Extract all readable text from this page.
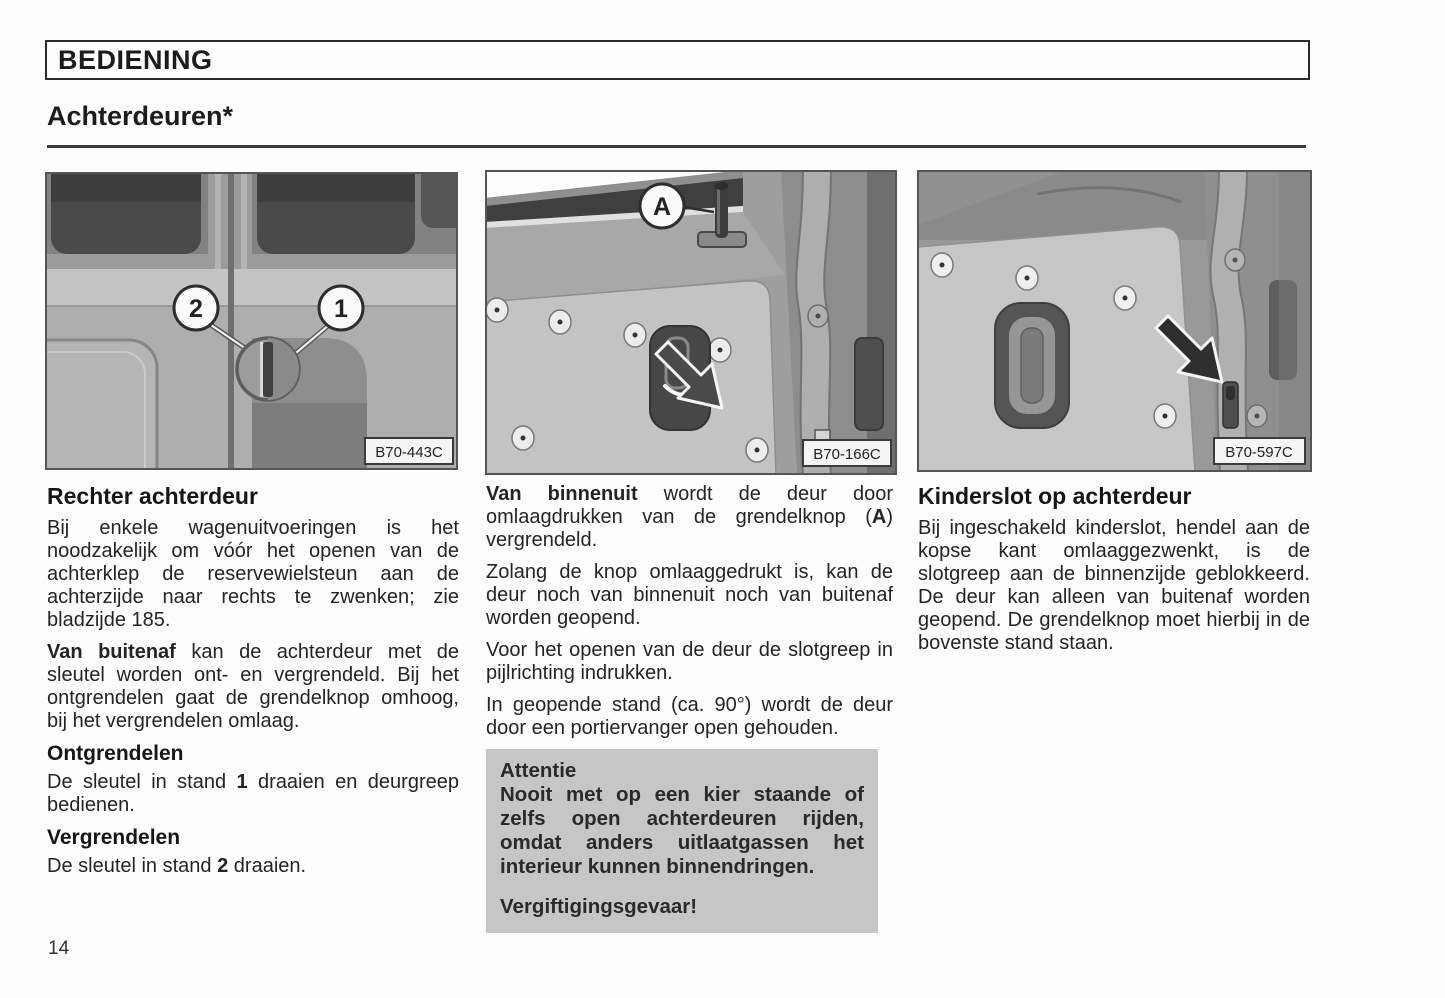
BEDIENING
Achterdeuren*
2	1
B70-443C
A
B70-166C	B70-597C
Rechter achterdeur

Bij enkele wagenuitvoeringen is het noodzakelijk om vóór het openen van de achterklep de reservewielsteun aan de achterzijde naar rechts te zwenken; zie bladzijde 185.

Van buitenaf kan de achterdeur met de sleutel worden ont- en vergrendeld. Bij het ontgrendelen gaat de grendelknop omhoog, bij het vergrendelen omlaag.

Ontgrendelen

De sleutel in stand 1 draaien en deurgreep bedienen.

Vergrendelen

De sleutel in stand 2 draaien.

Van binnenuit wordt de deur door omlaagdrukken van de grendelknop (A) vergrendeld.

Zolang de knop omlaaggedrukt is, kan de deur noch van binnenuit noch van buitenaf worden geopend.

Voor het openen van de deur de slotgreep in pijlrichting indrukken.

In geopende stand (ca. 90°) wordt de deur door een portiervanger open gehouden.

Attentie

Nooit met op een kier staande of zelfs open achterdeuren rijden, omdat anders uitlaatgassen het interieur kunnen binnendringen.

Vergiftigingsgevaar!

Kinderslot op achterdeur

Bij ingeschakeld kinderslot, hendel aan de kopse kant omlaaggezwenkt, is de slotgreep aan de binnenzijde geblokkeerd. De deur kan alleen van buitenaf worden geopend. De grendelknop moet hierbij in de bovenste stand staan.

14
